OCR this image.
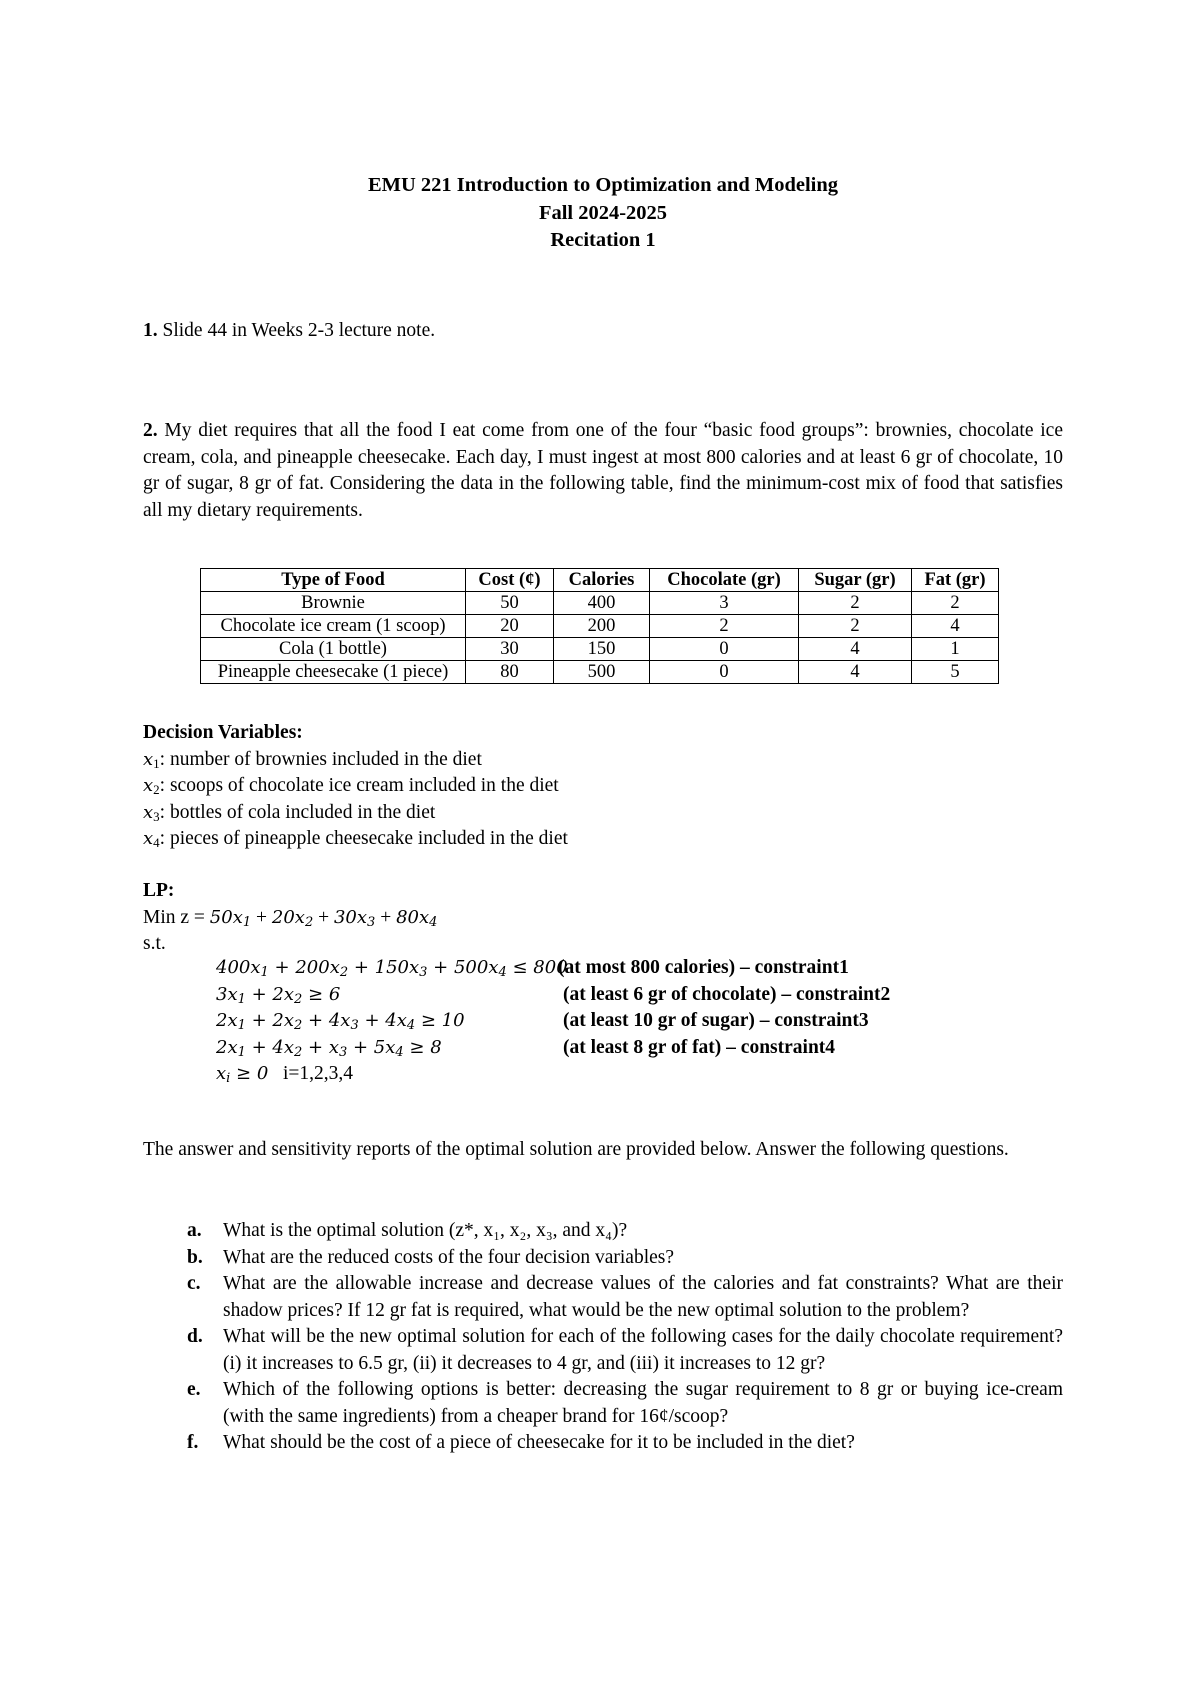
EMU 221 Introduction to Optimization and Modeling
Fall 2024-2025
Recitation 1
1. Slide 44 in Weeks 2-3 lecture note.
2. My diet requires that all the food I eat come from one of the four “basic food groups”: brownies, chocolate ice cream, cola, and pineapple cheesecake. Each day, I must ingest at most 800 calories and at least 6 gr of chocolate, 10 gr of sugar, 8 gr of fat. Considering the data in the following table, find the minimum-cost mix of food that satisfies all my dietary requirements.
Type of Food	Cost (¢)	Calories	Chocolate (gr)	Sugar (gr)	Fat (gr)
Brownie	50	400	3	2	2
Chocolate ice cream (1 scoop)	20	200	2	2	4
Cola (1 bottle)	30	150	0	4	1
Pineapple cheesecake (1 piece)	80	500	0	4	5
Decision Variables:
$x_1$: number of brownies included in the diet
$x_2$: scoops of chocolate ice cream included in the diet
$x_3$: bottles of cola included in the diet
$x_4$: pieces of pineapple cheesecake included in the diet
LP:
Min $z = 50x_1 + 20x_2 + 30x_3 + 80x_4$
s.t.
$400x_1 + 200x_2 + 150x_3 + 500x_4 \le 800$
(at most 800 calories) – constraint1
$3x_1 + 2x_2 \ge 6$	(at least 6 gr of chocolate) – constraint2
$2x_1 + 2x_2 + 4x_3 + 4x_4 \ge 10$	(at least 10 gr of sugar) – constraint3
$2x_1 + 4x_2 + x_3 + 5x_4 \ge 8$	(at least 8 gr of fat) – constraint4
$x_i \ge 0$ i=1,2,3,4
The answer and sensitivity reports of the optimal solution are provided below. Answer the following questions.
a. What is the optimal solution (z*, x₁, x₂, x₃, and x₄)?
b. What are the reduced costs of the four decision variables?
c. What are the allowable increase and decrease values of the calories and fat constraints? What are their shadow prices? If 12 gr fat is required, what would be the new optimal solution to the problem?
d. What will be the new optimal solution for each of the following cases for the daily chocolate requirement? (i) it increases to 6.5 gr, (ii) it decreases to 4 gr, and (iii) it increases to 12 gr?
e. Which of the following options is better: decreasing the sugar requirement to 8 gr or buying ice-cream (with the same ingredients) from a cheaper brand for 16¢/scoop?
f. What should be the cost of a piece of cheesecake for it to be included in the diet?
